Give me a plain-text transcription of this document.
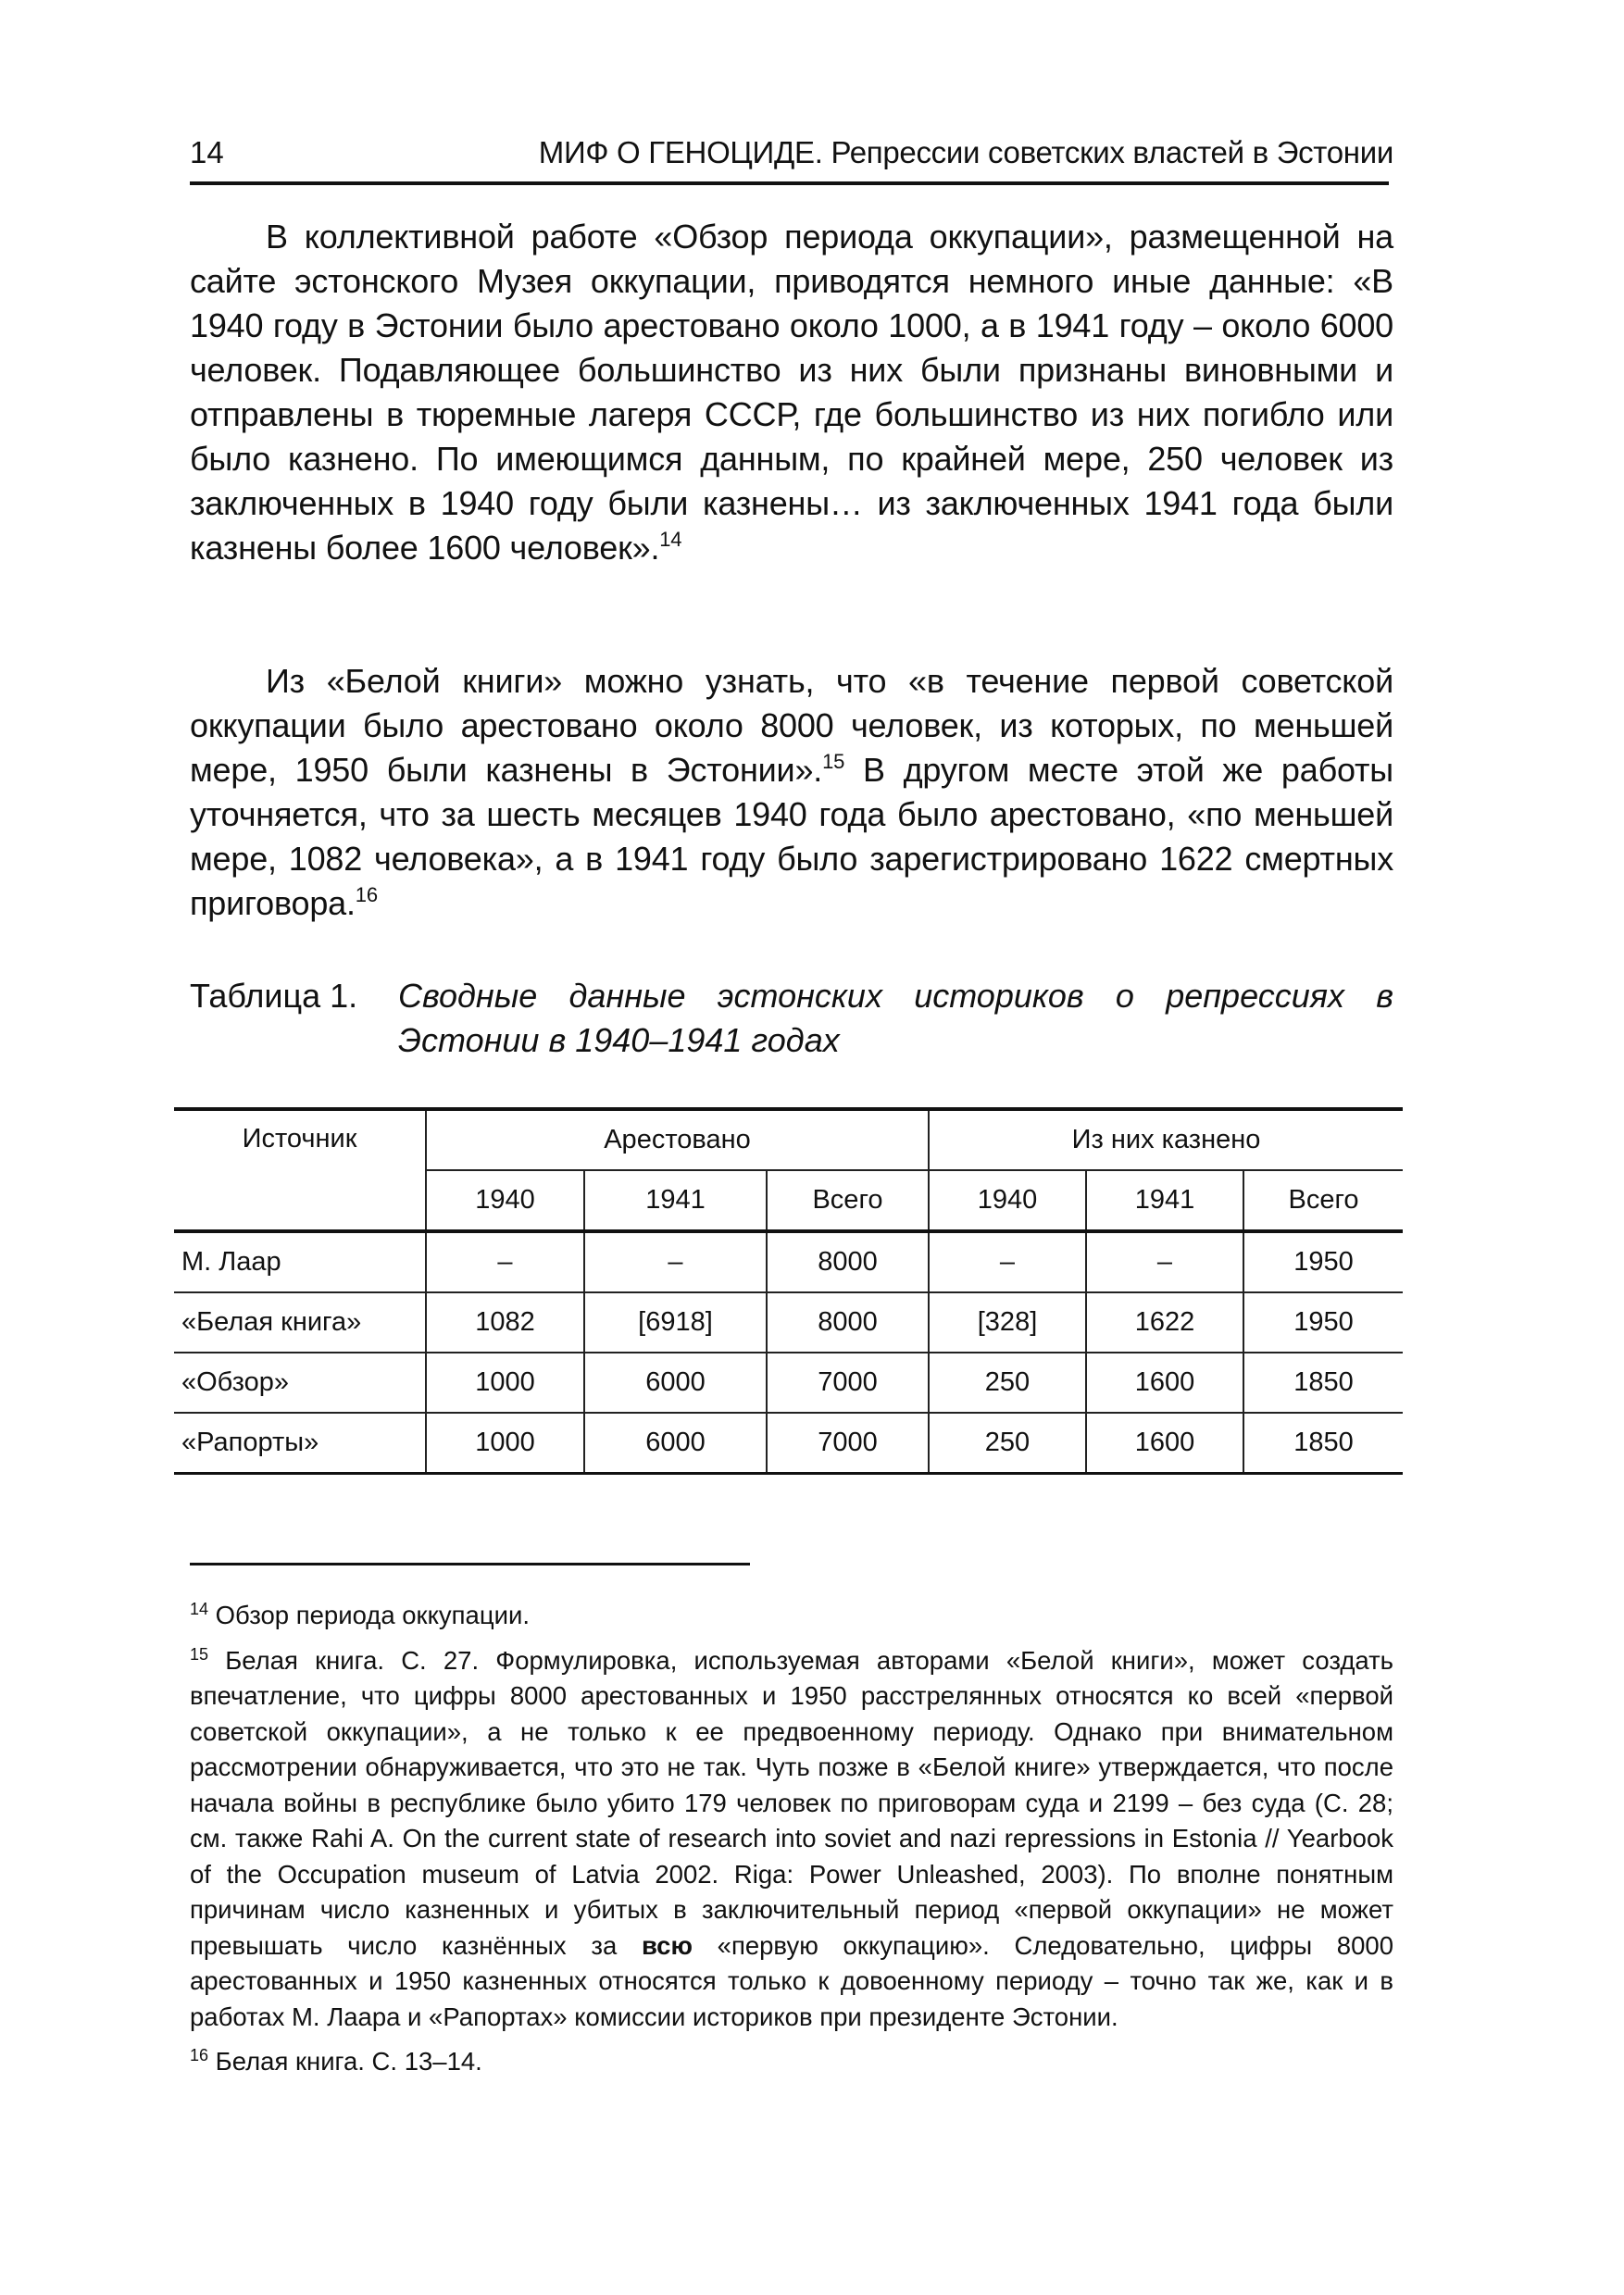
14	МИФ О ГЕНОЦИДЕ. Репрессии советских властей в Эстонии

В коллективной работе «Обзор периода оккупации», размещенной на сайте эстонского Музея оккупации, приводятся немного иные данные: «В 1940 году в Эстонии было арестовано около 1000, а в 1941 году – около 6000 человек. Подавляющее большинство из них были признаны виновными и отправлены в тюремные лагеря СССР, где большинство из них погибло или было казнено. По имеющимся данным, по крайней мере, 250 человек из заключенных в 1940 году были казнены… из заключенных 1941 года были казнены более 1600 человек».$^{14}$

Из «Белой книги» можно узнать, что «в течение первой советской оккупации было арестовано около 8000 человек, из которых, по меньшей мере, 1950 были казнены в Эстонии».$^{15}$ В другом месте этой же работы уточняется, что за шесть месяцев 1940 года было арестовано, «по меньшей мере, 1082 человека», а в 1941 году было зарегистрировано 1622 смертных приговора.$^{16}$

Таблица 1. Сводные данные эстонских историков о репрессиях в Эстонии в 1940–1941 годах
Источник	Арестовано			Из них казнено		
	1940	1941	Всего	1940	1941	Всего
М. Лаар	–	–	8000	–	–	1950
«Белая книга»	1082	[6918]	8000	[328]	1622	1950
«Обзор»	1000	6000	7000	250	1600	1850
«Рапорты»	1000	6000	7000	250	1600	1850

$^{14}$ Обзор периода оккупации.

$^{15}$ Белая книга. С. 27. Формулировка, используемая авторами «Белой книги», может создать впечатление, что цифры 8000 арестованных и 1950 расстрелянных относятся ко всей «первой советской оккупации», а не только к ее предвоенному периоду. Однако при внимательном рассмотрении обнаруживается, что это не так. Чуть позже в «Белой книге» утверждается, что после начала войны в республике было убито 179 человек по приговорам суда и 2199 – без суда (С. 28; см. также Rahi A. On the current state of research into soviet and nazi repressions in Estonia // Yearbook of the Occupation museum of Latvia 2002. Riga: Power Unleashed, 2003). По вполне понятным причинам число казненных и убитых в заключительный период «первой оккупации» не может превышать число казнённых за всю «первую оккупацию». Следовательно, цифры 8000 арестованных и 1950 казненных относятся только к довоенному периоду – точно так же, как и в работах М. Лаара и «Рапортах» комиссии историков при президенте Эстонии.

$^{16}$ Белая книга. С. 13–14.
